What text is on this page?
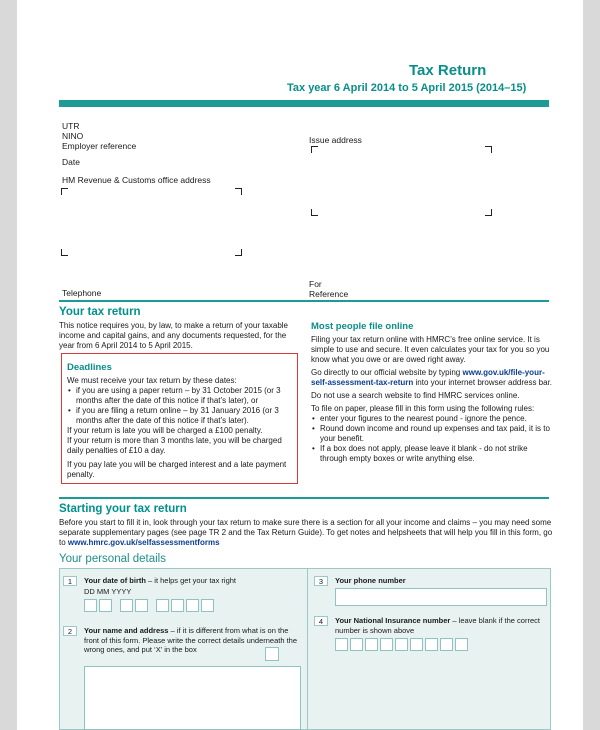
Tax Return
Tax year 6 April 2014 to 5 April 2015 (2014–15)
UTR
NINO
Employer reference
Date
HM Revenue & Customs office address
Issue address
Telephone
For
Reference
Your tax return
This notice requires you, by law, to make a return of your taxable income and capital gains, and any documents requested, for the year from 6 April 2014 to 5 April 2015.
Deadlines
We must receive your tax return by these dates:
• if you are using a paper return – by 31 October 2015 (or 3 months after the date of this notice if that’s later), or
• if you are filing a return online – by 31 January 2016 (or 3 months after the date of this notice if that’s later).
If your return is late you will be charged a £100 penalty.
If your return is more than 3 months late, you will be charged daily penalties of £10 a day.
If you pay late you will be charged interest and a late payment penalty.
Most people file online
Filing your tax return online with HMRC’s free online service. It is simple to use and secure. It even calculates your tax for you so you know what you owe or are owed right away.
Go directly to our official website by typing www.gov.uk/file-your-self-assessment-tax-return into your internet browser address bar.
Do not use a search website to find HMRC services online.
To file on paper, please fill in this form using the following rules:
• enter your figures to the nearest pound - ignore the pence.
• Round down income and round up expenses and tax paid, it is to your benefit.
• If a box does not apply, please leave it blank - do not strike through empty boxes or write anything else.
Starting your tax return
Before you start to fill it in, look through your tax return to make sure there is a section for all your income and claims – you may need some separate supplementary pages (see page TR 2 and the Tax Return Guide). To get notes and helpsheets that will help you fill in this form, go to www.hmrc.gov.uk/selfassessmentforms
Your personal details
1	Your date of birth – it helps get your tax right
DD MM YYYY
2	Your name and address – if it is different from what is on the front of this form. Please write the correct details underneath the wrong ones, and put ‘X’ in the box
3	Your phone number
4	Your National Insurance number – leave blank if the correct number is shown above
